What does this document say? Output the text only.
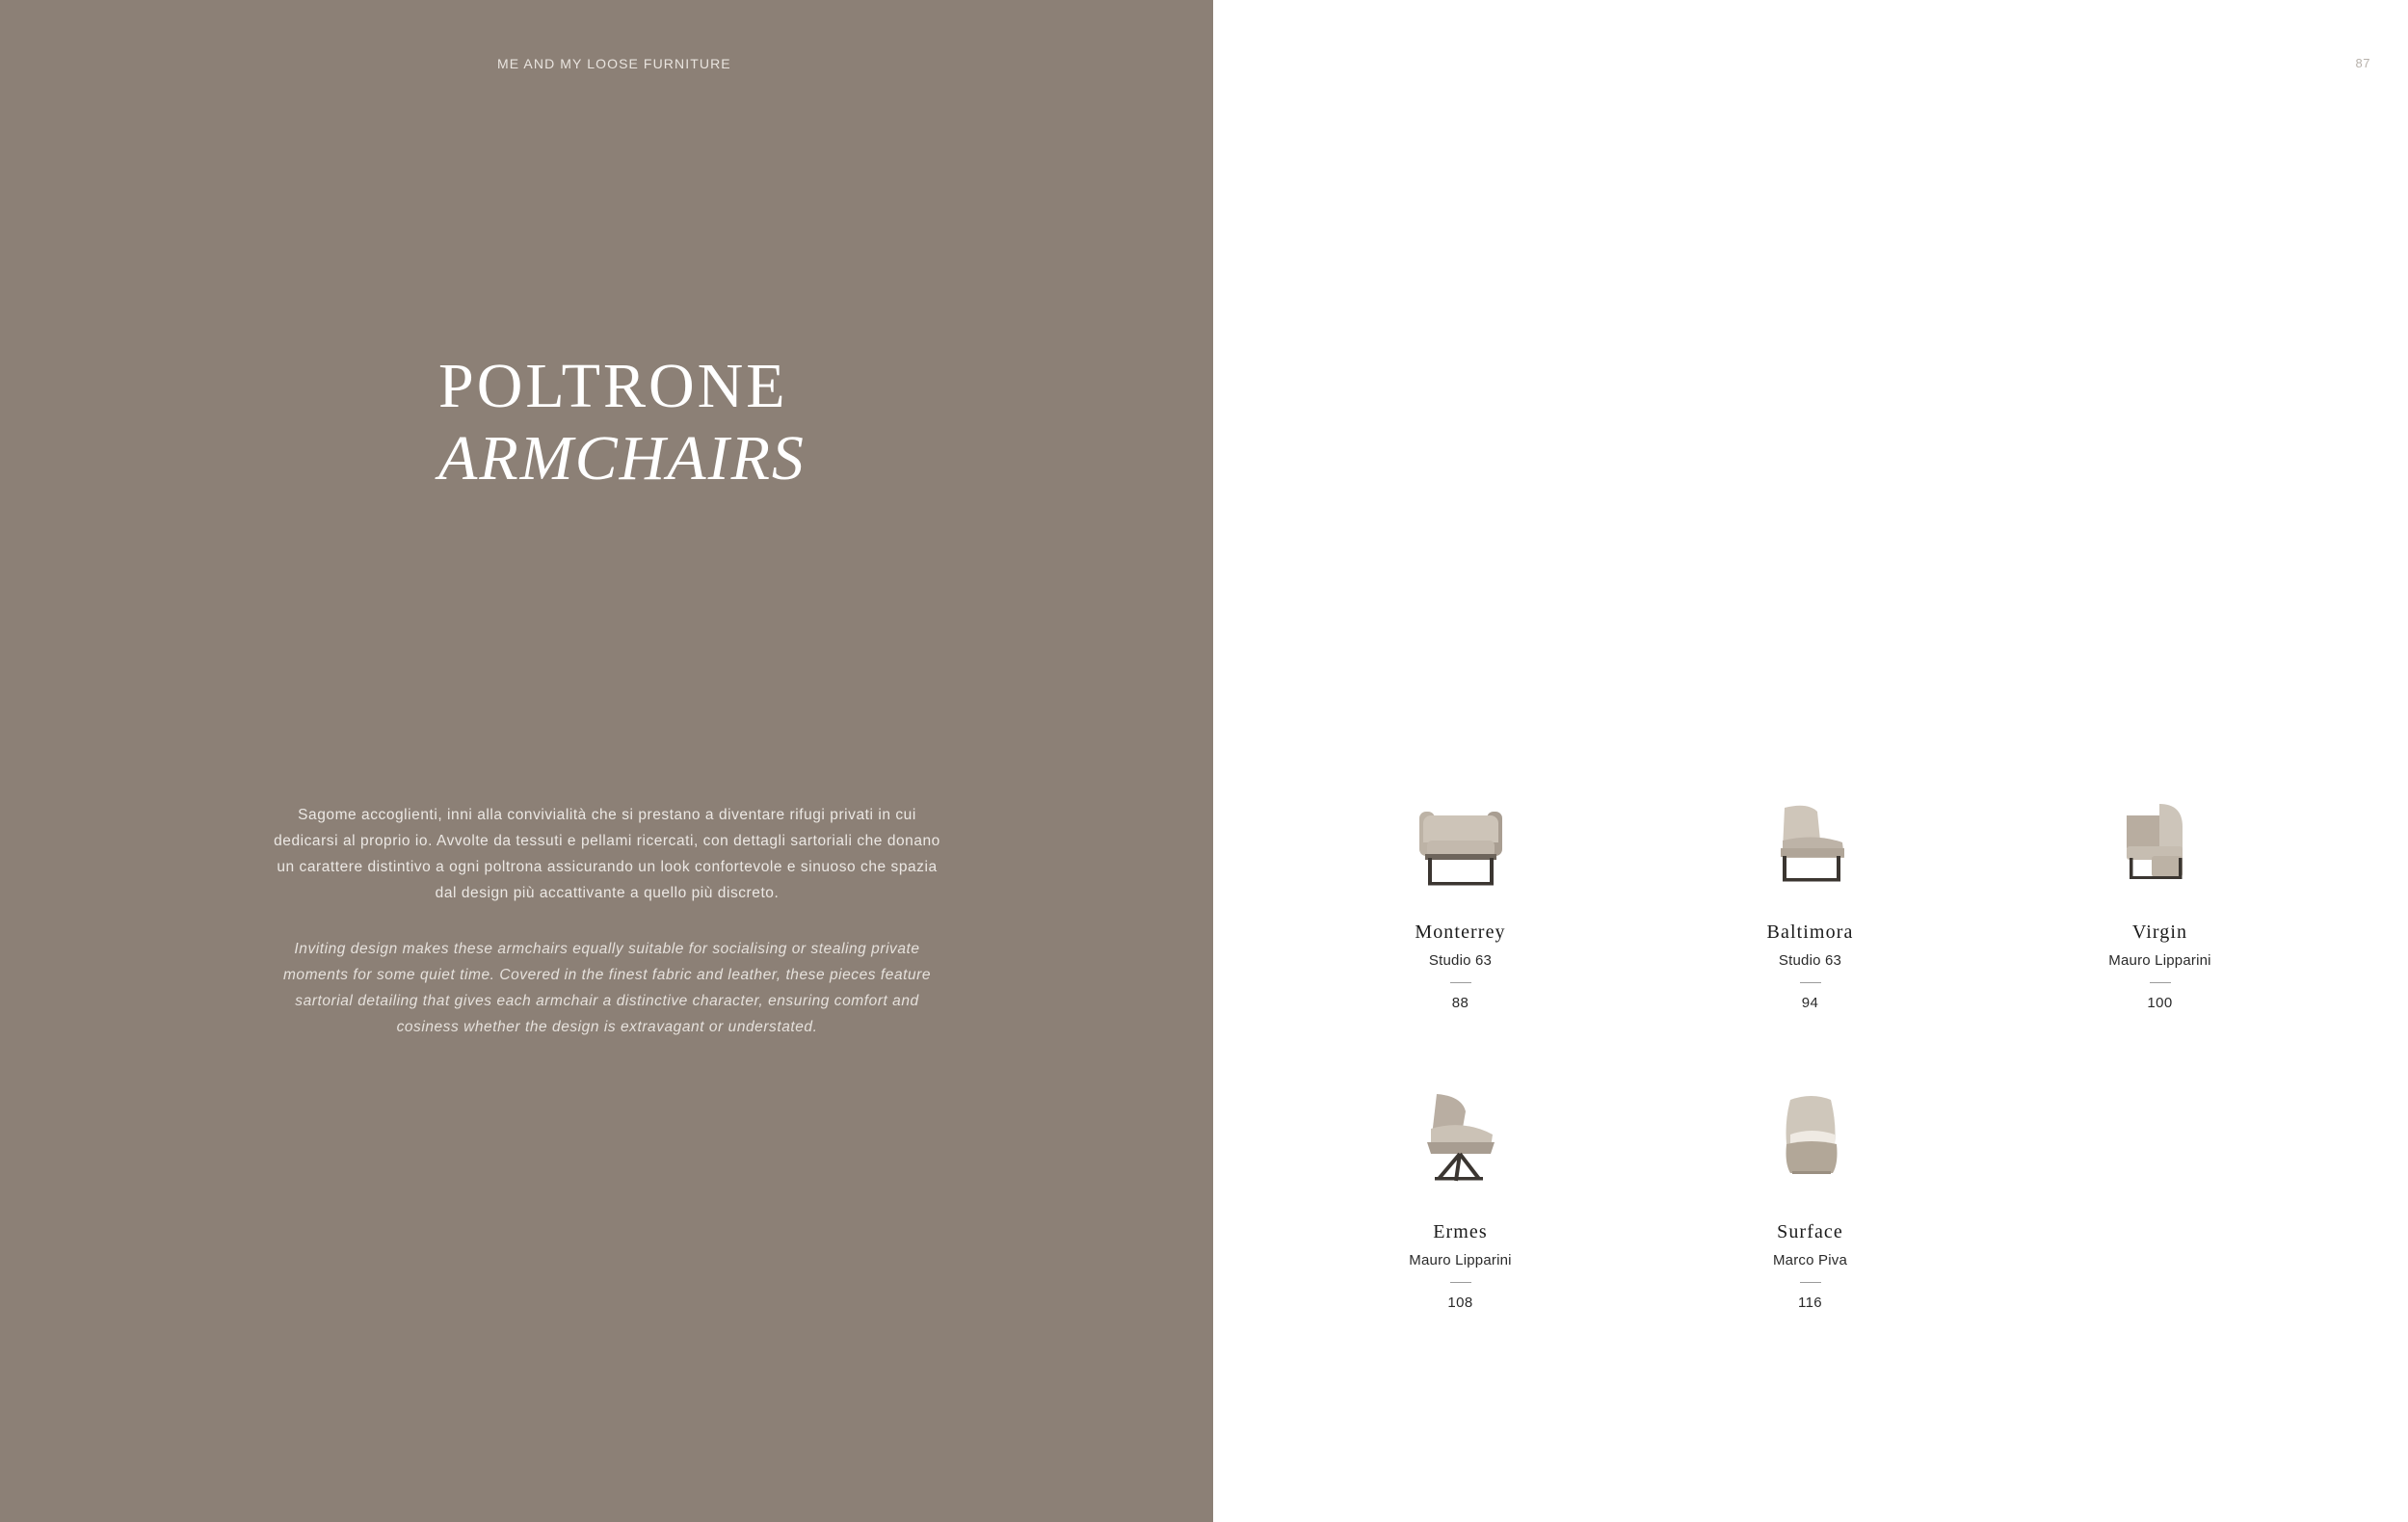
ME AND MY LOOSE FURNITURE
POLTRONE
ARMCHAIRS

Sagome accoglienti, inni alla convivialità che si prestano a diventare rifugi privati in cui dedicarsi al proprio io. Avvolte da tessuti e pellami ricercati, con dettagli sartoriali che donano un carattere distintivo a ogni poltrona assicurando un look confortevole e sinuoso che spazia dal design più accattivante a quello più discreto.

Inviting design makes these armchairs equally suitable for socialising or stealing private moments for some quiet time. Covered in the finest fabric and leather, these pieces feature sartorial detailing that gives each armchair a distinctive character, ensuring comfort and cosiness whether the design is extravagant or understated.

87
Monterrey
Studio 63
88
Baltimora
Studio 63
94
Virgin
Mauro Lipparini
100
Ermes
Mauro Lipparini
108
Surface
Marco Piva
116
